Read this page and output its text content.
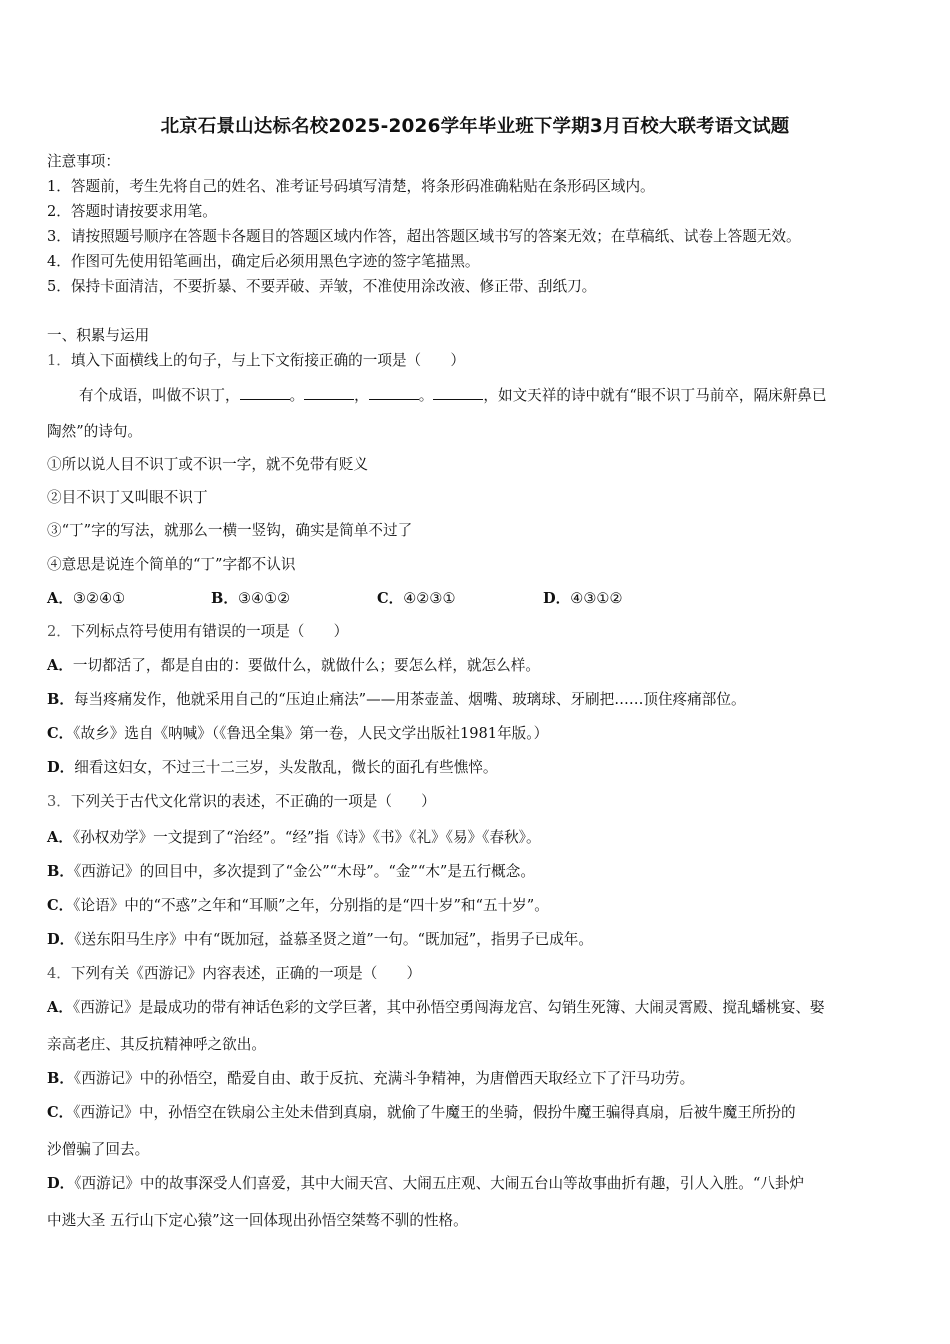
北京石景山达标名校2025-2026学年毕业班下学期3月百校大联考语文试题
注意事项：
1．答题前，考生先将自己的姓名、准考证号码填写清楚，将条形码准确粘贴在条形码区域内。
2．答题时请按要求用笔。
3．请按照题号顺序在答题卡各题目的答题区域内作答，超出答题区域书写的答案无效；在草稿纸、试卷上答题无效。
4．作图可先使用铅笔画出，确定后必须用黑色字迹的签字笔描黑。
5．保持卡面清洁，不要折暴、不要弄破、弄皱，不准使用涂改液、修正带、刮纸刀。
一、积累与运用
1．填入下面横线上的句子，与上下文衔接正确的一项是（　　）
有个成语，叫做不识丁，	。	，	。	，如文天祥的诗中就有“眼不识丁马前卒，隔床鼾鼻已
陶然”的诗句。
①所以说人目不识丁或不识一字，就不免带有贬义
②目不识丁又叫眼不识丁
③“丁”字的写法，就那么一横一竖钩，确实是简单不过了
④意思是说连个简单的“丁”字都不认识
A．③②④①	B．③④①②	C．④②③①	D．④③①②
2．下列标点符号使用有错误的一项是（　　）
A．一切都活了，都是自由的：要做什么，就做什么；要怎么样，就怎么样。
B．每当疼痛发作，他就采用自己的“压迫止痛法”——用茶壶盖、烟嘴、玻璃球、牙刷把……顶住疼痛部位。
C．《故乡》选自《呐喊》（《鲁迅全集》第一卷，人民文学出版社1981年版。）
D．细看这妇女，不过三十二三岁，头发散乱，微长的面孔有些憔悴。
3．下列关于古代文化常识的表述，不正确的一项是（　　）
A．《孙权劝学》一文提到了“治经”。“经”指《诗》《书》《礼》《易》《春秋》。
B．《西游记》的回目中，多次提到了“金公”“木母”。“金”“木”是五行概念。
C．《论语》中的“不惑”之年和“耳顺”之年，分别指的是“四十岁”和“五十岁”。
D．《送东阳马生序》中有“既加冠，益慕圣贤之道”一句。“既加冠”，指男子已成年。
4．下列有关《西游记》内容表述，正确的一项是（　　）
A．《西游记》是最成功的带有神话色彩的文学巨著，其中孙悟空勇闯海龙宫、勾销生死簿、大闹灵霄殿、搅乱蟠桃宴、娶
亲高老庄、其反抗精神呼之欲出。
B．《西游记》中的孙悟空，酷爱自由、敢于反抗、充满斗争精神，为唐僧西天取经立下了汗马功劳。
C．《西游记》中，孙悟空在铁扇公主处未借到真扇，就偷了牛魔王的坐骑，假扮牛魔王骗得真扇，后被牛魔王所扮的
沙僧骗了回去。
D．《西游记》中的故事深受人们喜爱，其中大闹天宫、大闹五庄观、大闹五台山等故事曲折有趣，引人入胜。“八卦炉
中逃大圣 五行山下定心猿”这一回体现出孙悟空桀骜不驯的性格。
